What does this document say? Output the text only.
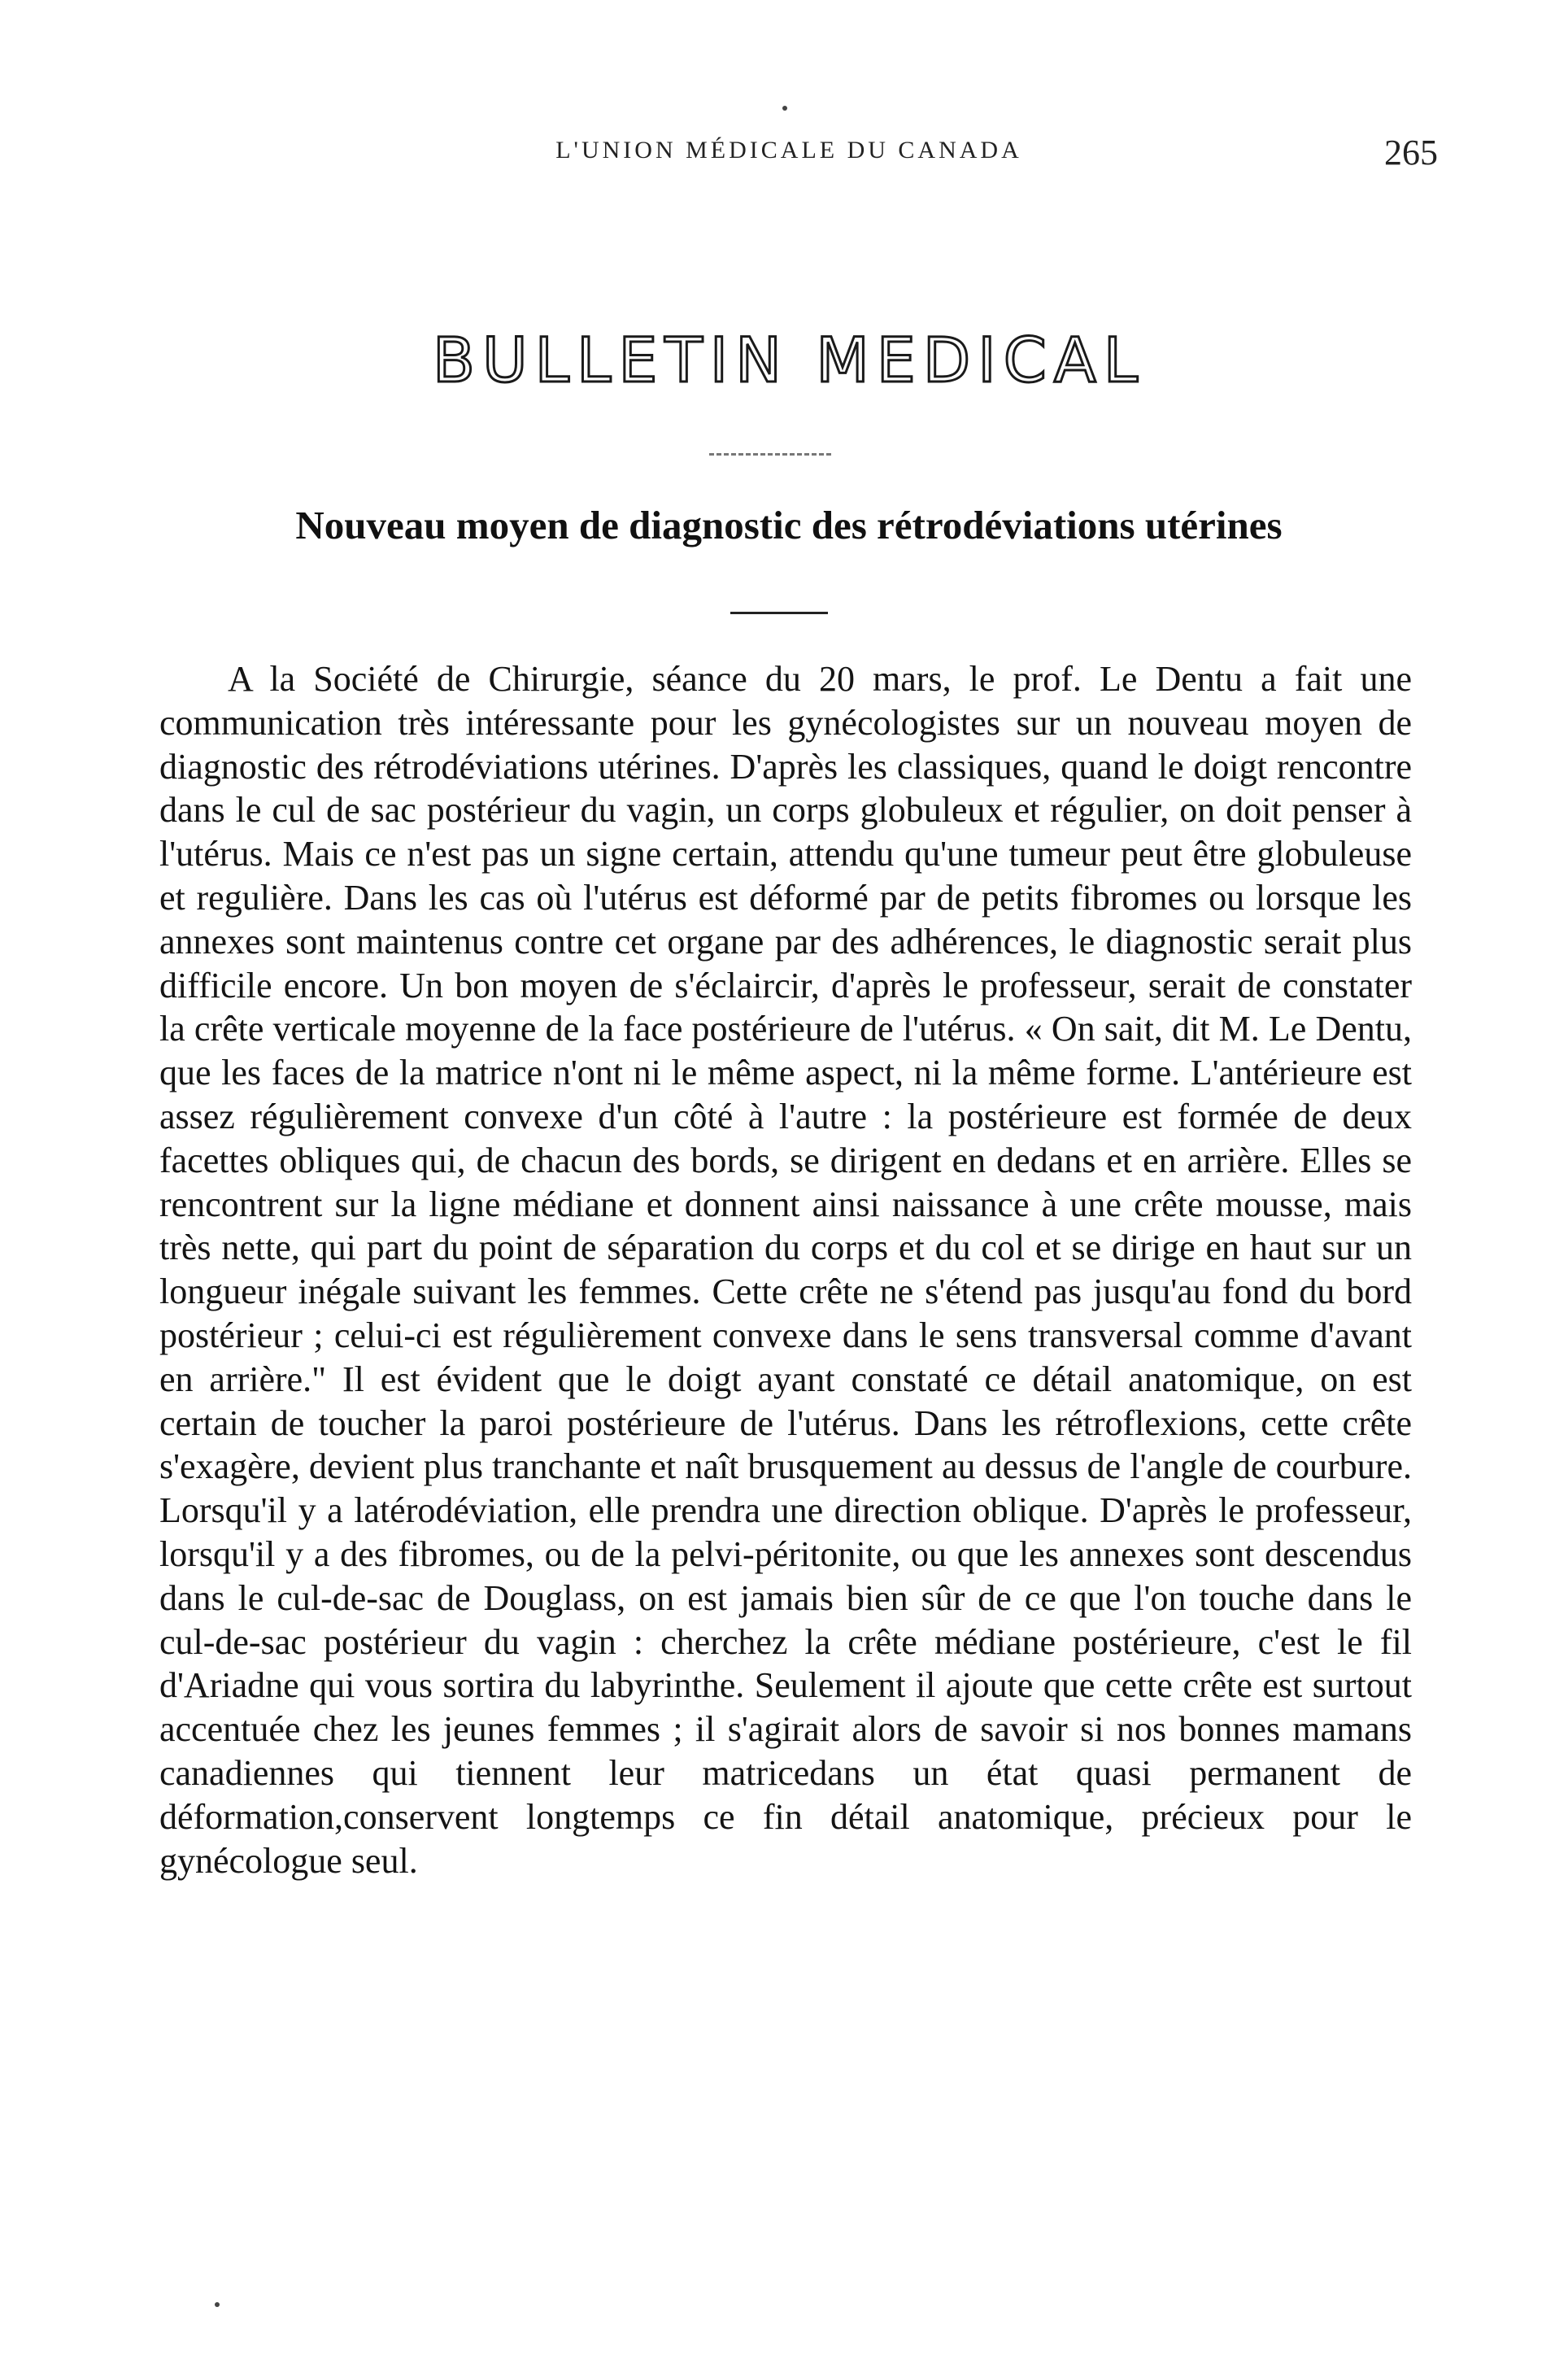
L'UNION MÉDICALE DU CANADA	265
BULLETIN MEDICAL
Nouveau moyen de diagnostic des rétrodéviations utérines

A la Société de Chirurgie, séance du 20 mars, le prof. Le Dentu a fait une communication très intéressante pour les gynécologistes sur un nouveau moyen de diagnostic des rétrodéviations utérines. D'après les classiques, quand le doigt rencontre dans le cul de sac postérieur du vagin, un corps globuleux et régulier, on doit penser à l'utérus. Mais ce n'est pas un signe certain, attendu qu'une tumeur peut être globuleuse et regulière. Dans les cas où l'utérus est déformé par de petits fibromes ou lorsque les annexes sont maintenus contre cet organe par des adhérences, le diagnostic serait plus difficile encore. Un bon moyen de s'éclaircir, d'après le professeur, serait de constater la crête verticale moyenne de la face postérieure de l'utérus. « On sait, dit M. Le Dentu, que les faces de la matrice n'ont ni le même aspect, ni la même forme. L'antérieure est assez régulièrement convexe d'un côté à l'autre : la postérieure est formée de deux facettes obliques qui, de chacun des bords, se dirigent en dedans et en arrière. Elles se rencontrent sur la ligne médiane et donnent ainsi naissance à une crête mousse, mais très nette, qui part du point de séparation du corps et du col et se dirige en haut sur un longueur inégale suivant les femmes. Cette crête ne s'étend pas jusqu'au fond du bord postérieur ; celui-ci est régulièrement convexe dans le sens transversal comme d'avant en arrière." Il est évident que le doigt ayant constaté ce détail anatomique, on est certain de toucher la paroi postérieure de l'utérus. Dans les rétroflexions, cette crête s'exagère, devient plus tranchante et naît brusquement au dessus de l'angle de courbure. Lorsqu'il y a latérodéviation, elle prendra une direction oblique. D'après le professeur, lorsqu'il y a des fibromes, ou de la pelvi-péritonite, ou que les annexes sont descendus dans le cul-de-sac de Douglass, on est jamais bien sûr de ce que l'on touche dans le cul-de-sac postérieur du vagin : cherchez la crête médiane postérieure, c'est le fil d'Ariadne qui vous sortira du labyrinthe. Seulement il ajoute que cette crête est surtout accentuée chez les jeunes femmes ; il s'agirait alors de savoir si nos bonnes mamans canadiennes qui tiennent leur matricedans un état quasi permanent de déformation,conservent longtemps ce fin détail anatomique, précieux pour le gynécologue seul.
